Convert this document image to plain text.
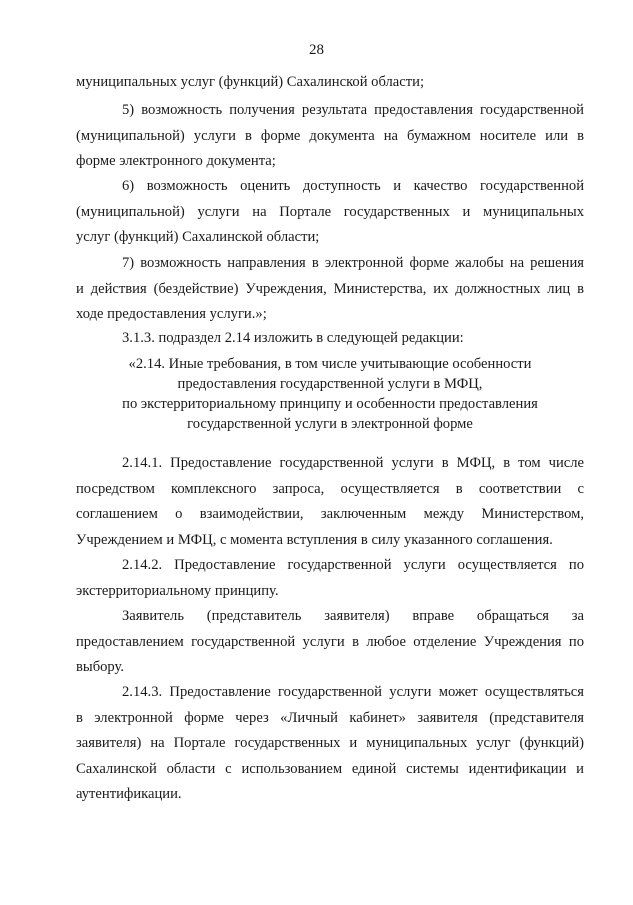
28
муниципальных услуг (функций) Сахалинской области;
5) возможность получения результата предоставления государственной
(муниципальной) услуги в форме документа на бумажном носителе или в
форме электронного документа;
6) возможность оценить доступность и качество государственной
(муниципальной) услуги на Портале государственных и муниципальных
услуг (функций) Сахалинской области;
7) возможность направления в электронной форме жалобы на решения
и действия (бездействие) Учреждения, Министерства, их должностных лиц в
ходе предоставления услуги.»;
3.1.3. подраздел 2.14 изложить в следующей редакции:
«2.14. Иные требования, в том числе учитывающие особенности
предоставления государственной услуги в МФЦ,
по экстерриториальному принципу и особенности предоставления
государственной услуги в электронной форме
2.14.1. Предоставление государственной услуги в МФЦ, в том числе
посредством комплексного запроса, осуществляется в соответствии с
соглашением о взаимодействии, заключенным между Министерством,
Учреждением и МФЦ, с момента вступления в силу указанного соглашения.
2.14.2. Предоставление государственной услуги осуществляется по
экстерриториальному принципу.
Заявитель (представитель заявителя) вправе обращаться за
предоставлением государственной услуги в любое отделение Учреждения по
выбору.
2.14.3. Предоставление государственной услуги может осуществляться
в электронной форме через «Личный кабинет» заявителя (представителя
заявителя) на Портале государственных и муниципальных услуг (функций)
Сахалинской области с использованием единой системы идентификации и
аутентификации.
